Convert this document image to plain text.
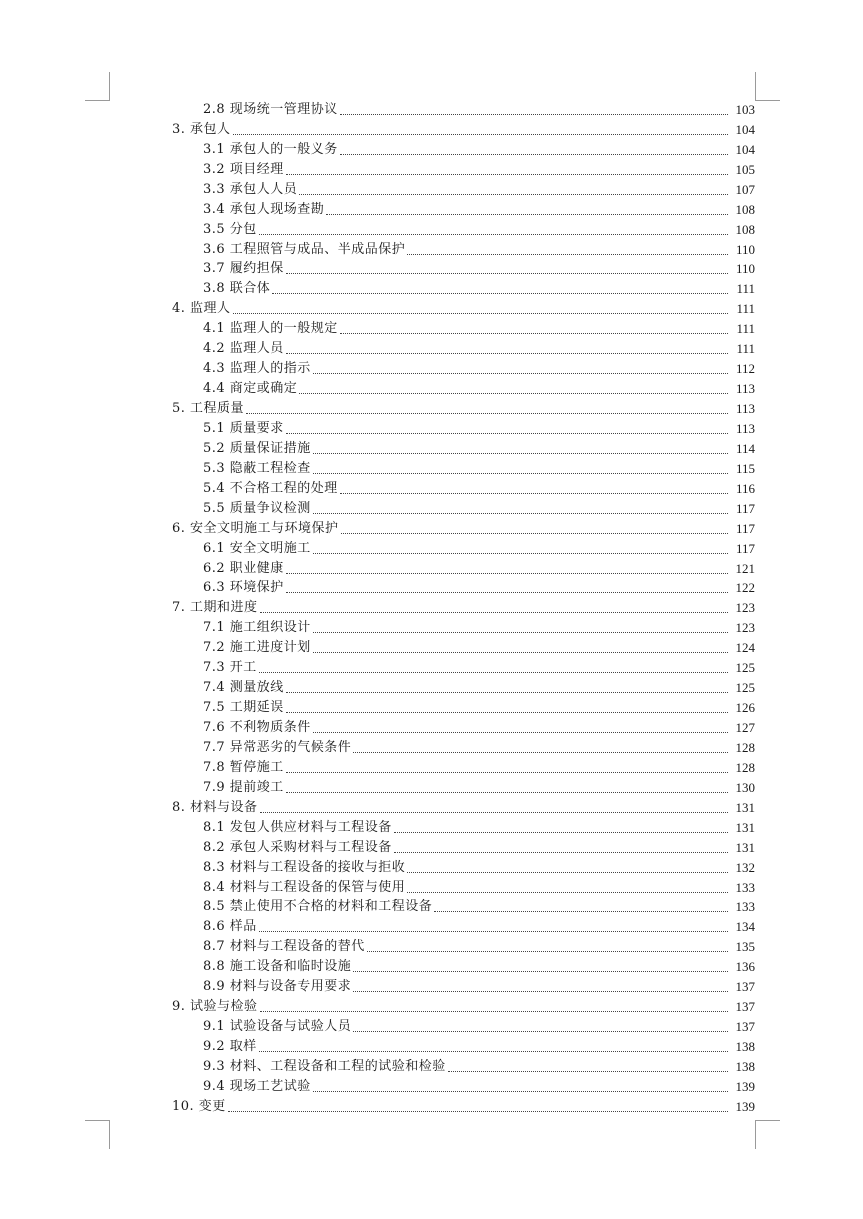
2.8 现场统一管理协议	103
3. 承包人	104
3.1 承包人的一般义务	104
3.2 项目经理	105
3.3 承包人人员	107
3.4 承包人现场查勘	108
3.5 分包	108
3.6 工程照管与成品、半成品保护	110
3.7 履约担保	110
3.8 联合体	111
4. 监理人	111
4.1 监理人的一般规定	111
4.2 监理人员	111
4.3 监理人的指示	112
4.4 商定或确定	113
5. 工程质量	113
5.1 质量要求	113
5.2 质量保证措施	114
5.3 隐蔽工程检查	115
5.4 不合格工程的处理	116
5.5 质量争议检测	117
6. 安全文明施工与环境保护	117
6.1 安全文明施工	117
6.2 职业健康	121
6.3 环境保护	122
7. 工期和进度	123
7.1 施工组织设计	123
7.2 施工进度计划	124
7.3 开工	125
7.4 测量放线	125
7.5 工期延误	126
7.6 不利物质条件	127
7.7 异常恶劣的气候条件	128
7.8 暂停施工	128
7.9 提前竣工	130
8. 材料与设备	131
8.1 发包人供应材料与工程设备	131
8.2 承包人采购材料与工程设备	131
8.3 材料与工程设备的接收与拒收	132
8.4 材料与工程设备的保管与使用	133
8.5 禁止使用不合格的材料和工程设备	133
8.6 样品	134
8.7 材料与工程设备的替代	135
8.8 施工设备和临时设施	136
8.9 材料与设备专用要求	137
9. 试验与检验	137
9.1 试验设备与试验人员	137
9.2 取样	138
9.3 材料、工程设备和工程的试验和检验	138
9.4 现场工艺试验	139
10. 变更	139
